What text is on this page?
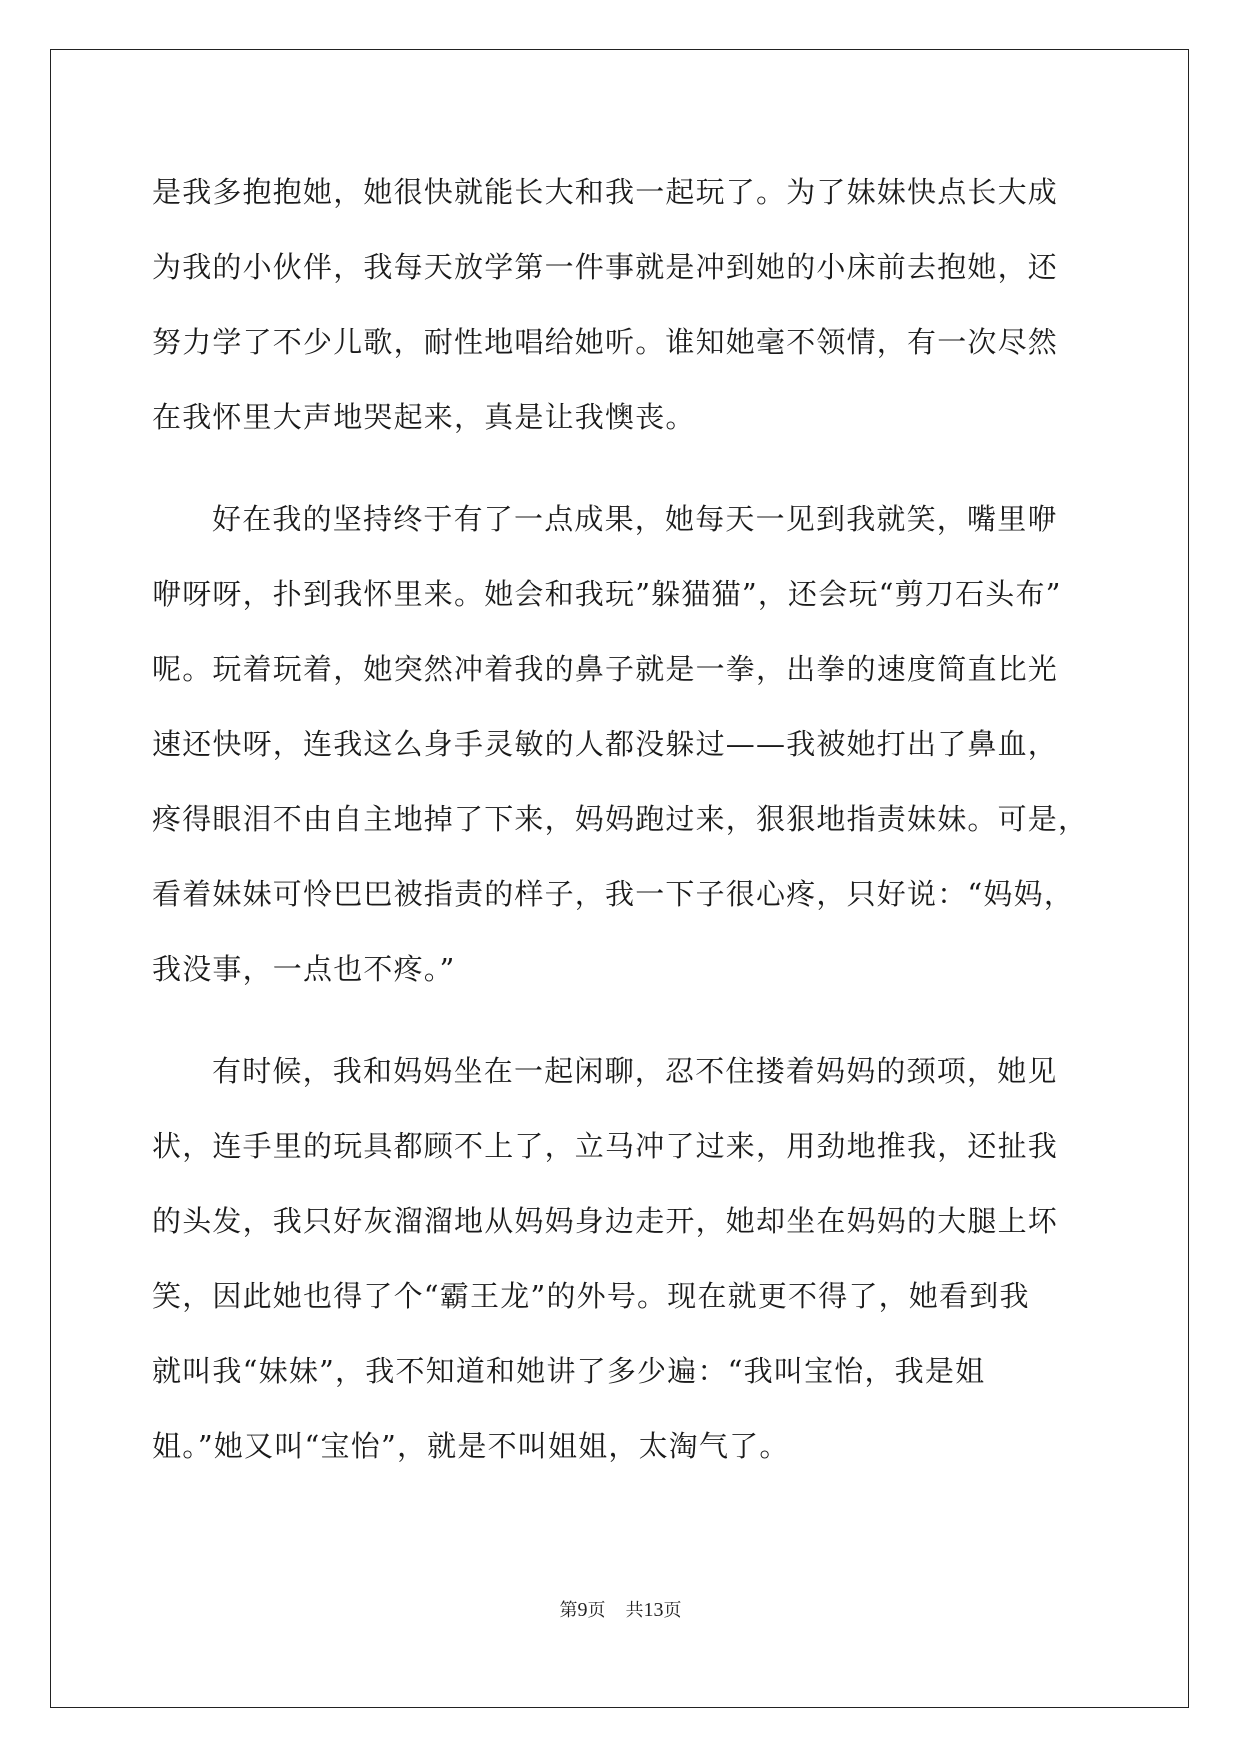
是我多抱抱她，她很快就能长大和我一起玩了。为了妹妹快点长大成
为我的小伙伴，我每天放学第一件事就是冲到她的小床前去抱她，还
努力学了不少儿歌，耐性地唱给她听。谁知她毫不领情，有一次尽然
在我怀里大声地哭起来，真是让我懊丧。
好在我的坚持终于有了一点成果，她每天一见到我就笑，嘴里咿
咿呀呀，扑到我怀里来。她会和我玩”躲猫猫”，还会玩“剪刀石头布”
呢。玩着玩着，她突然冲着我的鼻子就是一拳，出拳的速度简直比光
速还快呀，连我这么身手灵敏的人都没躲过——我被她打出了鼻血，
疼得眼泪不由自主地掉了下来，妈妈跑过来，狠狠地指责妹妹。可是，
看着妹妹可怜巴巴被指责的样子，我一下子很心疼，只好说：“妈妈，
我没事，一点也不疼。”
有时候，我和妈妈坐在一起闲聊，忍不住搂着妈妈的颈项，她见
状，连手里的玩具都顾不上了，立马冲了过来，用劲地推我，还扯我
的头发，我只好灰溜溜地从妈妈身边走开，她却坐在妈妈的大腿上坏
笑，因此她也得了个“霸王龙”的外号。现在就更不得了，她看到我
就叫我“妹妹”，我不知道和她讲了多少遍：“我叫宝怡，我是姐
姐。”她又叫“宝怡”，就是不叫姐姐，太淘气了。
第9页 共13页
